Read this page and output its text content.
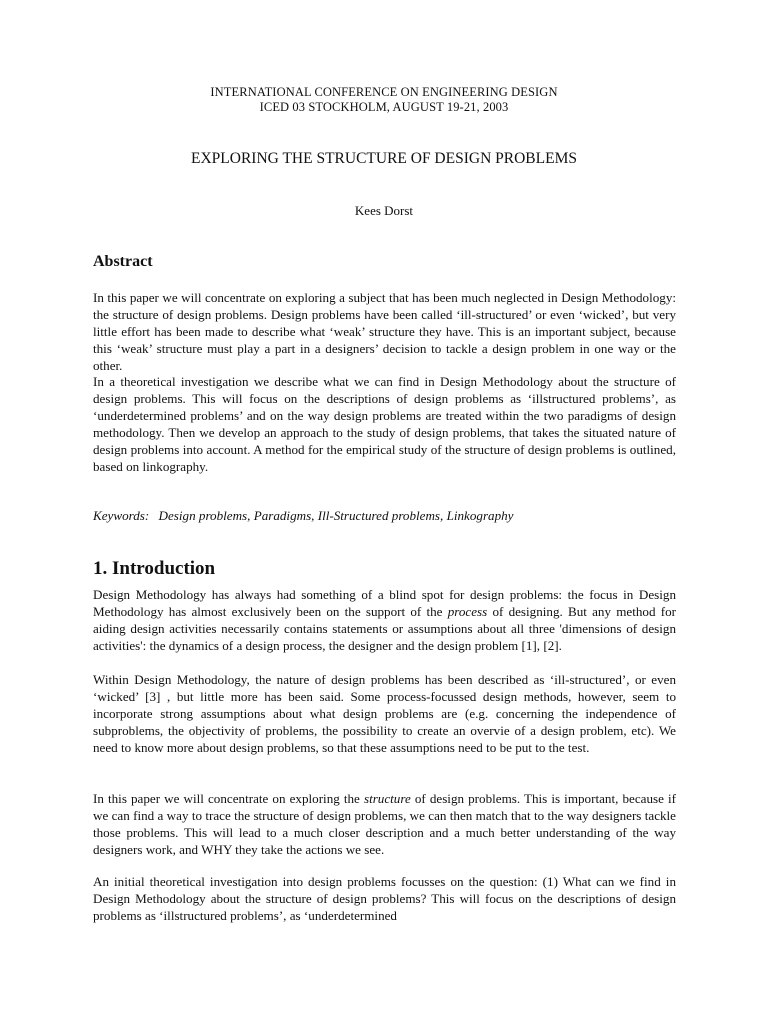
INTERNATIONAL CONFERENCE ON ENGINEERING DESIGN
ICED 03 STOCKHOLM, AUGUST 19-21, 2003
EXPLORING THE STRUCTURE OF DESIGN PROBLEMS
Kees Dorst
Abstract
In this paper we will concentrate on exploring a subject that has been much neglected in Design Methodology: the structure of design problems. Design problems have been called ‘ill-structured’ or even ‘wicked’, but very little effort has been made to describe what ‘weak’ structure they have. This is an important subject, because this ‘weak’ structure must play a part in a designers’ decision to tackle a design problem in one way or the other.
In a theoretical investigation we describe what we can find in Design Methodology about the structure of design problems. This will focus on the descriptions of design problems as ‘illstructured problems’, as ‘underdetermined problems’ and on the way design problems are treated within the two paradigms of design methodology. Then we develop an approach to the study of design problems, that takes the situated nature of design problems into account. A method for the empirical study of the structure of design problems is outlined, based on linkography.
Keywords: Design problems, Paradigms, Ill-Structured problems, Linkography
1. Introduction
Design Methodology has always had something of a blind spot for design problems: the focus in Design Methodology has almost exclusively been on the support of the process of designing. But any method for aiding design activities necessarily contains statements or assumptions about all three 'dimensions of design activities': the dynamics of a design process, the designer and the design problem [1], [2].
Within Design Methodology, the nature of design problems has been described as ‘ill-structured’, or even ‘wicked’ [3] , but little more has been said. Some process-focussed design methods, however, seem to incorporate strong assumptions about what design problems are (e.g. concerning the independence of subproblems, the objectivity of problems, the possibility to create an overvie of a design problem, etc). We need to know more about design problems, so that these assumptions need to be put to the test.
In this paper we will concentrate on exploring the structure of design problems. This is important, because if we can find a way to trace the structure of design problems, we can then match that to the way designers tackle those problems. This will lead to a much closer description and a much better understanding of the way designers work, and WHY they take the actions we see.
An initial theoretical investigation into design problems focusses on the question: (1) What can we find in Design Methodology about the structure of design problems? This will focus on the descriptions of design problems as ‘illstructured problems’, as ‘underdetermined
